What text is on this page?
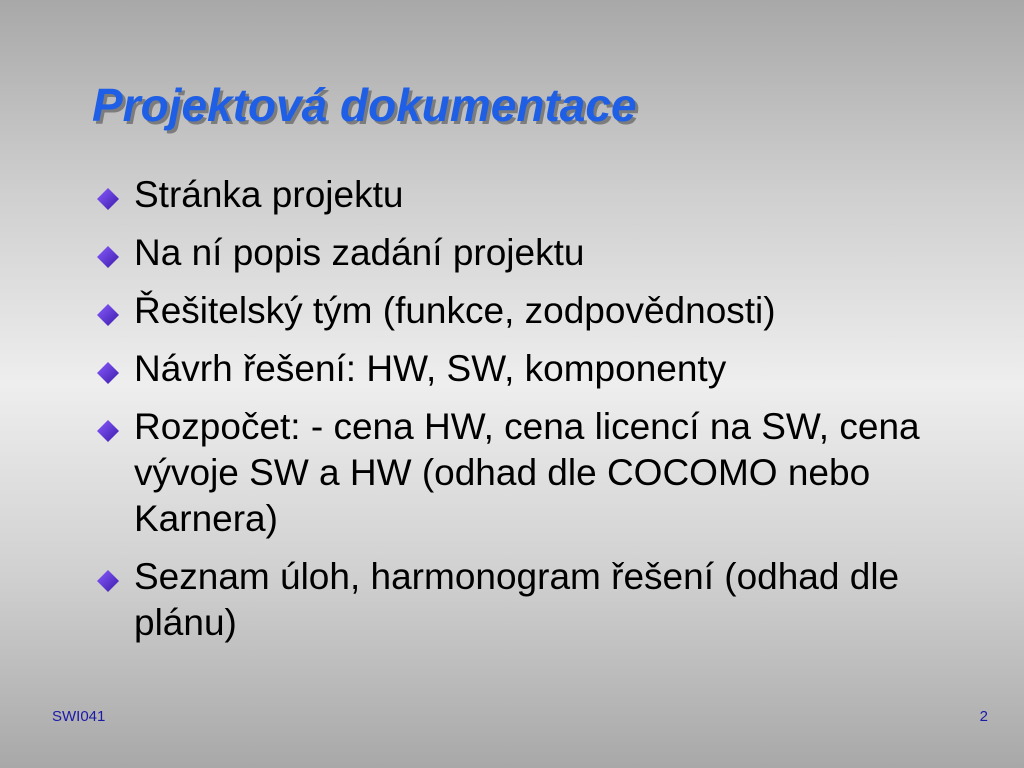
Projektová dokumentace
Stránka projektu
Na ní popis zadání projektu
Řešitelský tým (funkce, zodpovědnosti)
Návrh řešení: HW, SW, komponenty
Rozpočet: - cena HW, cena licencí na SW, cena vývoje SW a HW (odhad dle COCOMO nebo Karnera)
Seznam úloh, harmonogram řešení (odhad dle plánu)
SWI041	2
